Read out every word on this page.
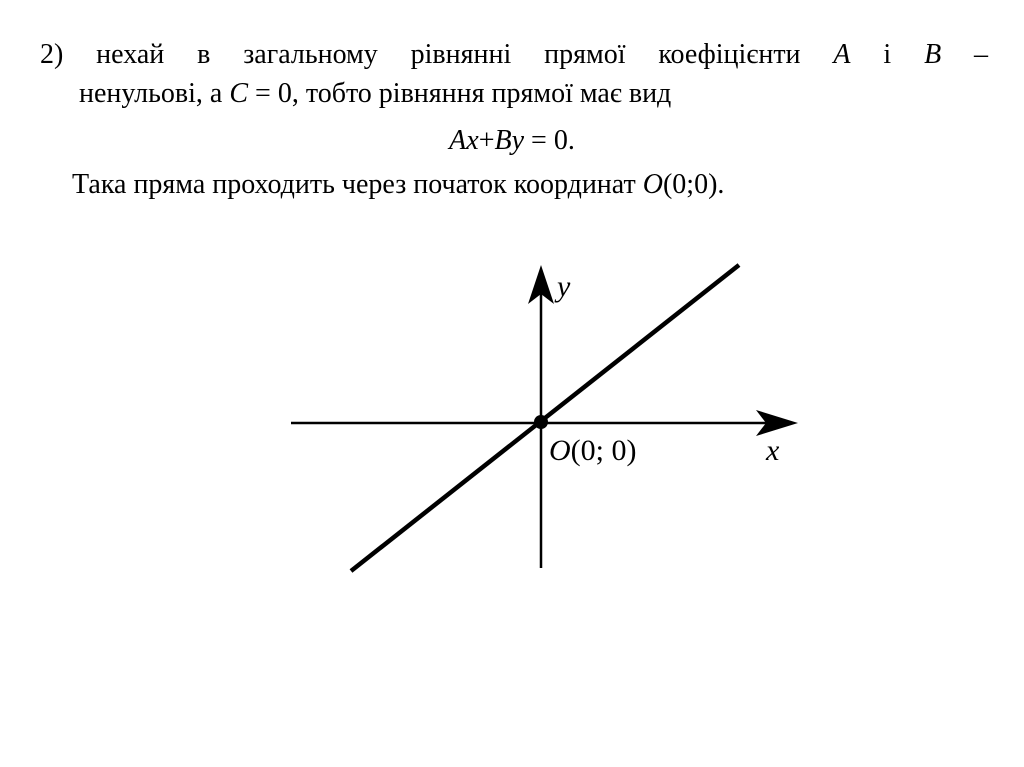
2) нехай в загальному рівнянні прямої коефіцієнти A і B –
ненульові, а C = 0, тобто рівняння прямої має вид
Ax+By = 0.
Така пряма проходить через початок координат O(0;0).
y
x
O(0; 0)
